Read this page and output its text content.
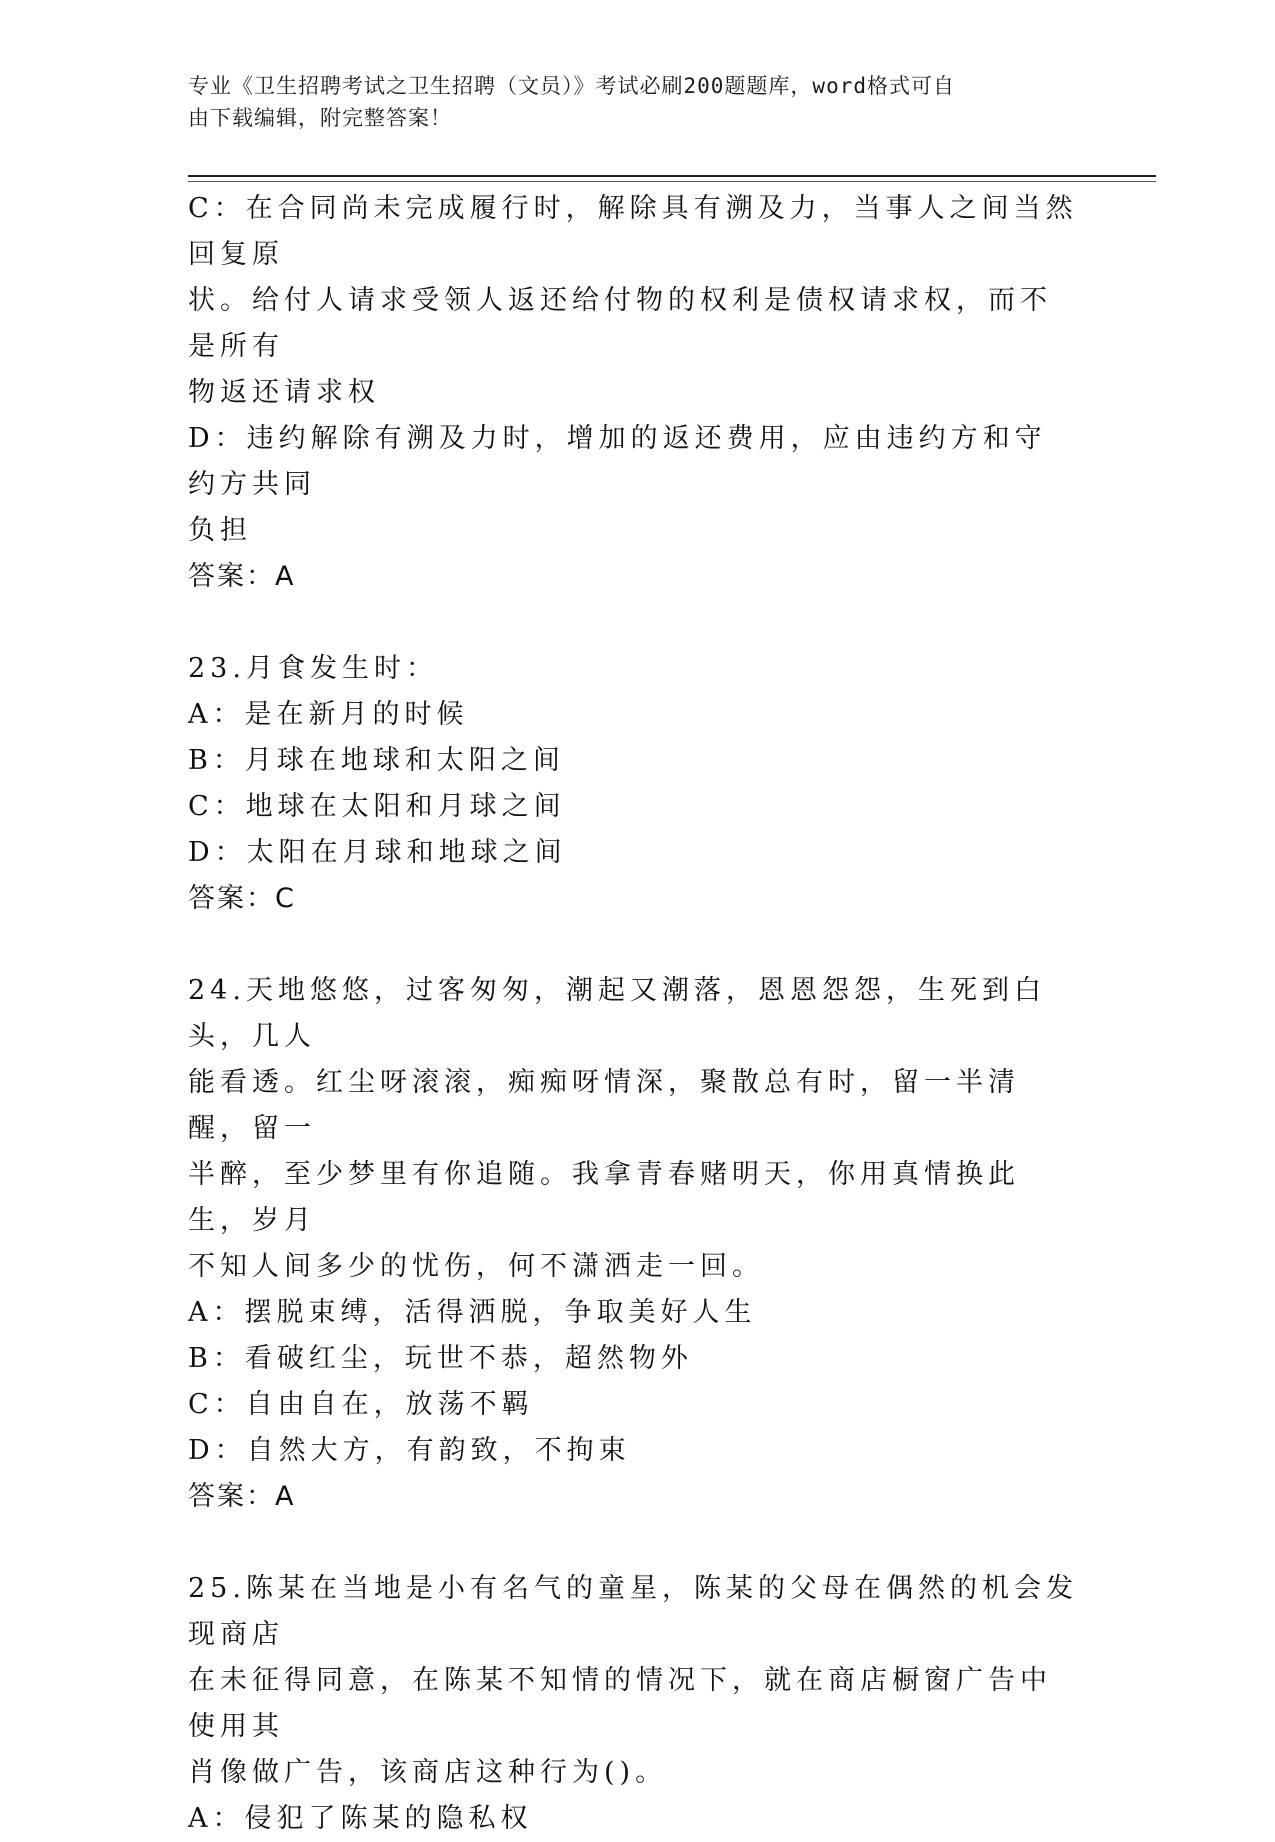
专业《卫生招聘考试之卫生招聘（文员）》考试必刷200题题库，word格式可自
由下载编辑，附完整答案！

C：在合同尚未完成履行时，解除具有溯及力，当事人之间当然回复原

状。给付人请求受领人返还给付物的权利是债权请求权，而不是所有

物返还请求权

D：违约解除有溯及力时，增加的返还费用，应由违约方和守约方共同

负担

答案：A

23.月食发生时：

A：是在新月的时候

B：月球在地球和太阳之间

C：地球在太阳和月球之间

D：太阳在月球和地球之间

答案：C

24.天地悠悠，过客匆匆，潮起又潮落，恩恩怨怨，生死到白头，几人

能看透。红尘呀滚滚，痴痴呀情深，聚散总有时，留一半清醒，留一

半醉，至少梦里有你追随。我拿青春赌明天，你用真情换此生，岁月

不知人间多少的忧伤，何不潇洒走一回。

A：摆脱束缚，活得洒脱，争取美好人生

B：看破红尘，玩世不恭，超然物外

C：自由自在，放荡不羁

D：自然大方，有韵致，不拘束

答案：A

25.陈某在当地是小有名气的童星，陈某的父母在偶然的机会发现商店

在未征得同意，在陈某不知情的情况下，就在商店橱窗广告中使用其

肖像做广告，该商店这种行为()。

A：侵犯了陈某的隐私权
